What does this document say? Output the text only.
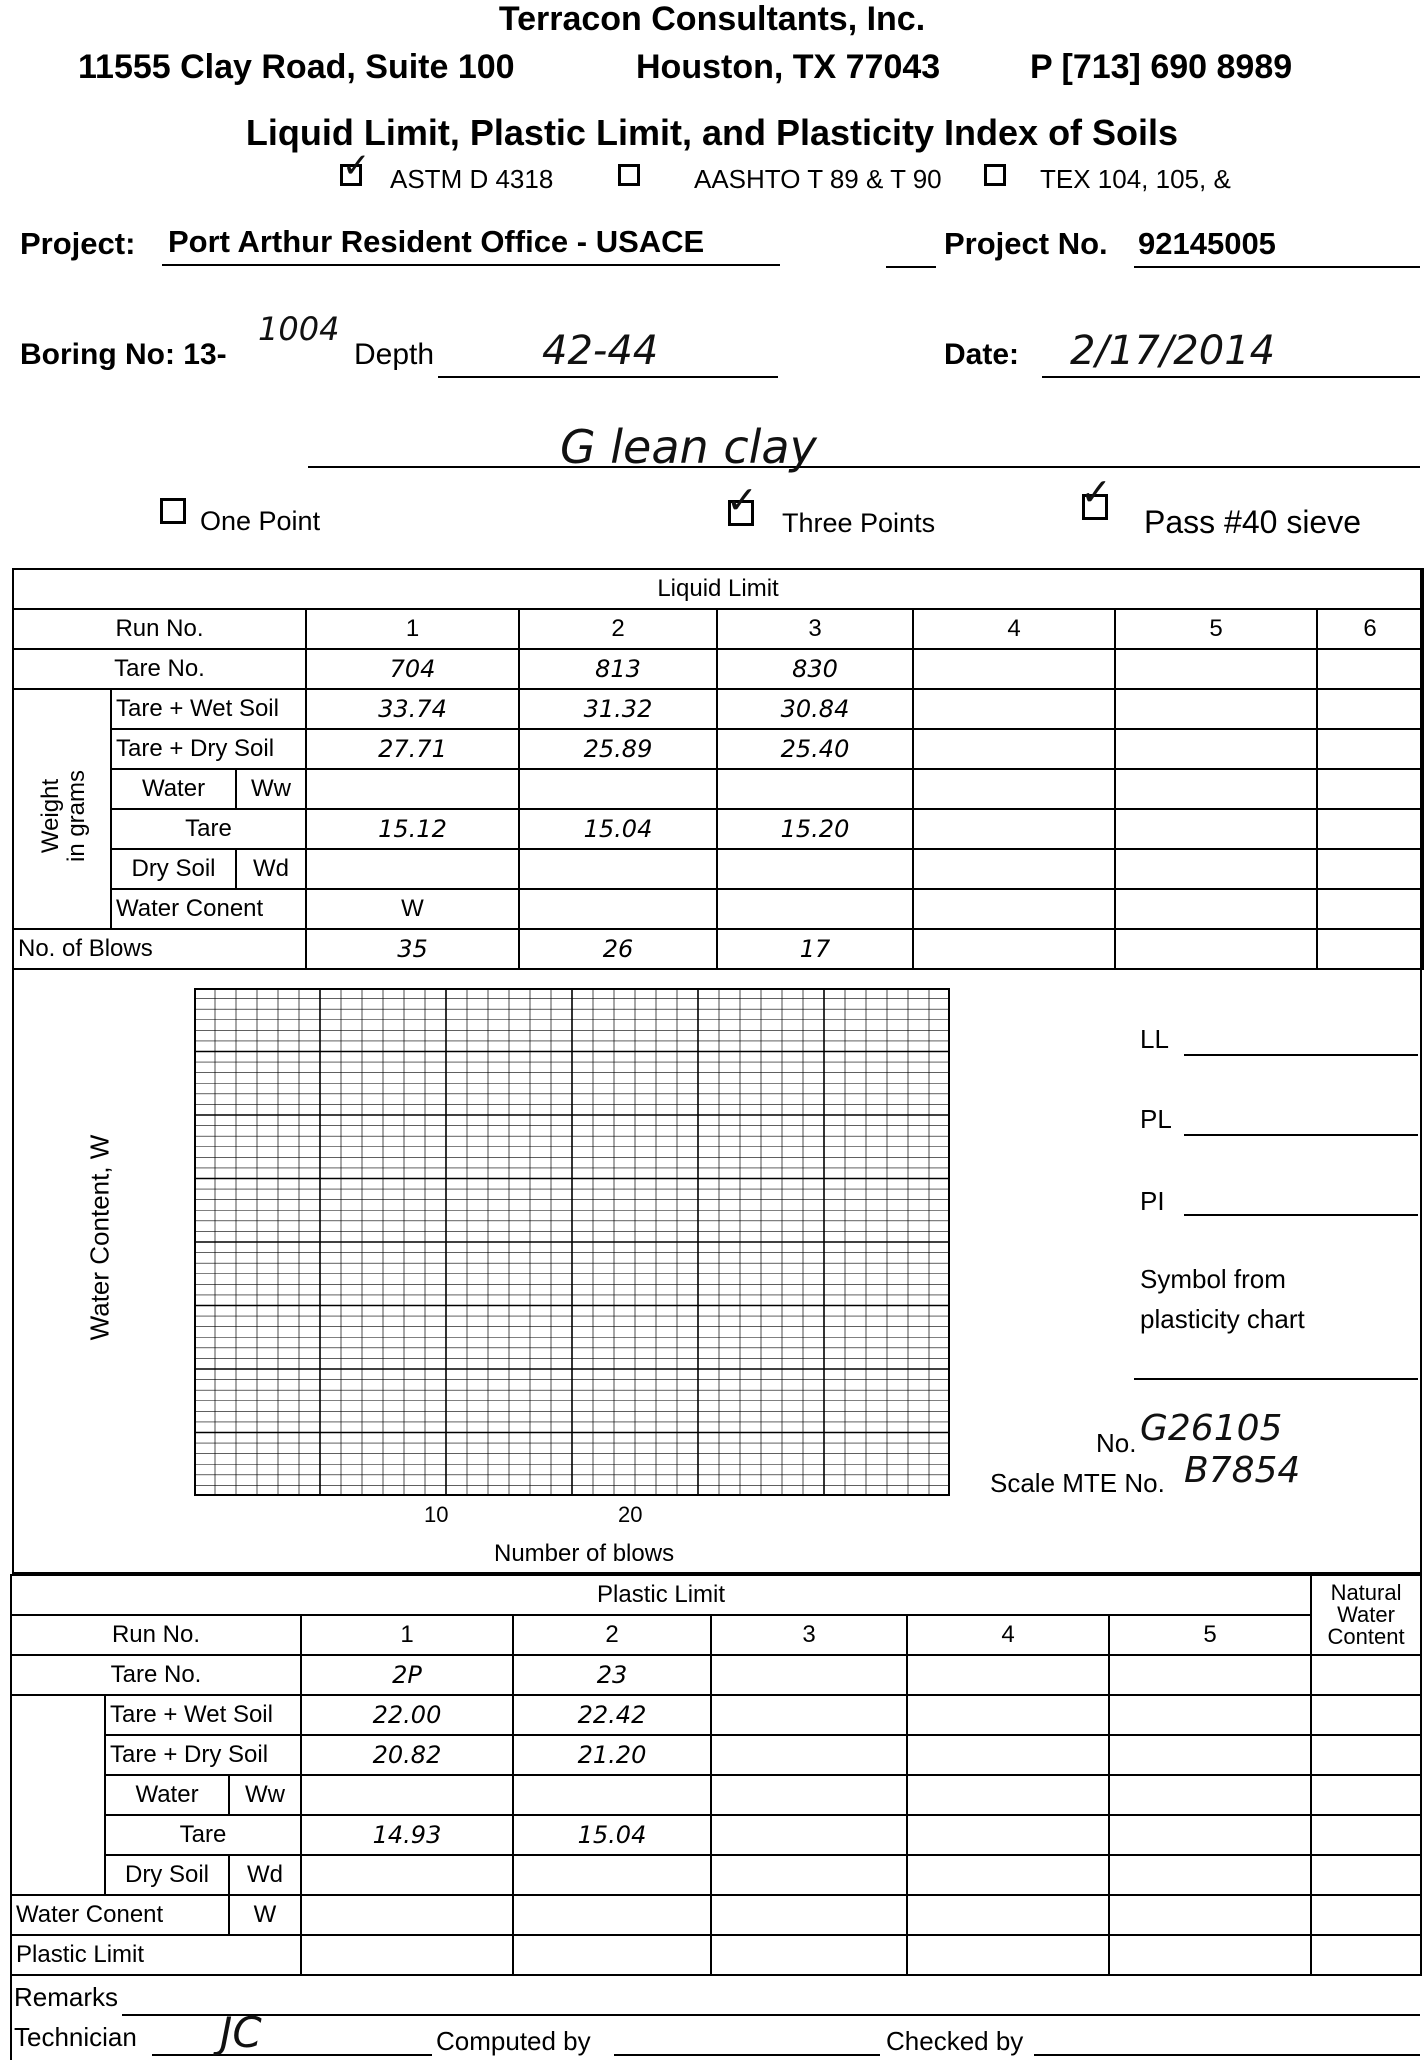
Terracon Consultants, Inc.
11555 Clay Road, Suite 100	Houston, TX 77043	P [713] 690 8989
Liquid Limit, Plastic Limit, and Plasticity Index of Soils
✓ ASTM D 4318	AASHTO T 89 & T 90	TEX 104, 105, &
Project: Port Arthur Resident Office - USACE	Project No. 92145005
Boring No: 13-
1004
Depth	42-44	Date: 2/17/2014
G lean clay
One Point	✓
Three Points
✓
Pass #40 sieve
Liquid Limit									
Run No.			1	2	3	4	5	6	
Tare No.			704	813	830				

Weight
in grams	Tare + Wet Soil		33.74	31.32	30.84				
	Tare + Dry Soil		27.71	25.89	25.40				
	Water	Ww							
	Tare		15.12	15.04	15.20				
	Dry Soil	Wd							
	Water Conent		W						
No. of Blows			35	26	17				
Water Content, W
10	20
Number of blows
LL
PL
PI
Symbol from
plasticity chart
No. G26105
Scale MTE No. B7854
Plastic Limit								Natural
Water
Content
Run No.			1	2	3	4	5	
Tare No.			2P	23				

	Tare + Wet Soil		22.00	22.42				
	Tare + Dry Soil		20.82	21.20				
	Water	Ww						
	Tare		14.93	15.04				
	Dry Soil	Wd						
Water Conent		W						
Plastic Limit								
Remarks
Technician JC	Computed by	Checked by
